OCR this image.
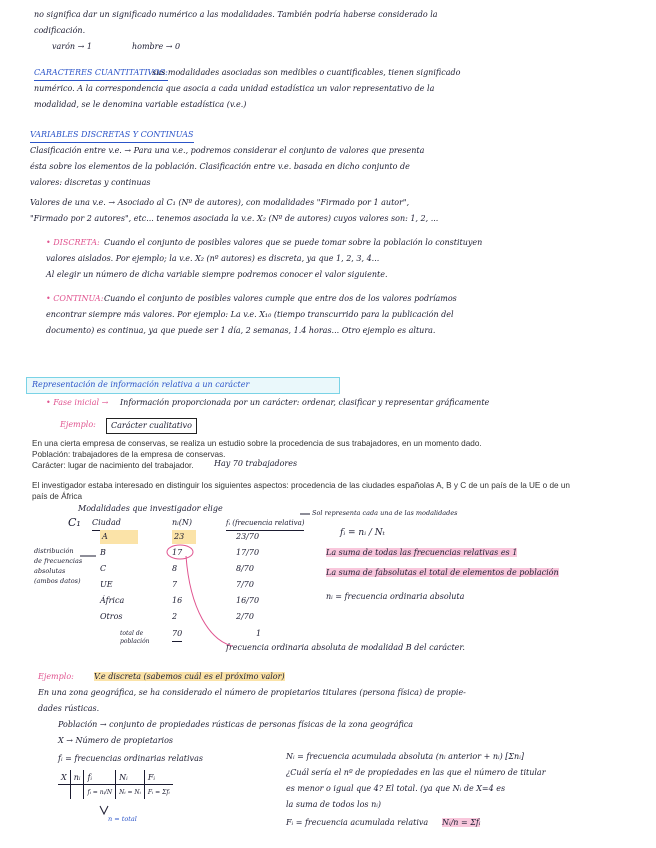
no significa dar un significado numérico a las modalidades. También podría haberse considerado la
codificación.
varón → 1	hombre → 0
CARACTERES CUANTITATIVOS:
sus modalidades asociadas son medibles o cuantificables, tienen significado
numérico. A la correspondencia que asocia a cada unidad estadística un valor representativo de la
modalidad, se le denomina variable estadística (v.e.)
VARIABLES DISCRETAS Y CONTINUAS
Clasificación entre v.e. → Para una v.e., podremos considerar el conjunto de valores que presenta
ésta sobre los elementos de la población. Clasificación entre v.e. basada en dicho conjunto de
valores: discretas y continuas
Valores de una v.e. → Asociado al C₁ (Nº de autores), con modalidades "Firmado por 1 autor",
"Firmado por 2 autores", etc... tenemos asociada la v.e. X₂ (Nº de autores) cuyos valores son: 1, 2, ...
• DISCRETA: Cuando el conjunto de posibles valores que se puede tomar sobre la población lo constituyen
valores aislados. Por ejemplo; la v.e. X₂ (nº autores) es discreta, ya que 1, 2, 3, 4...
Al elegir un número de dicha variable siempre podremos conocer el valor siguiente.
• CONTINUA: Cuando el conjunto de posibles valores cumple que entre dos de los valores podríamos
encontrar siempre más valores. Por ejemplo: La v.e. X₁₀ (tiempo transcurrido para la publicación del
documento) es continua, ya que puede ser 1 día, 2 semanas, 1.4 horas... Otro ejemplo es altura.
Representación de información relativa a un carácter
• Fase inicial → Información proporcionada por un carácter: ordenar, clasificar y representar gráficamente
Ejemplo:	Carácter cualitativo
En una cierta empresa de conservas, se realiza un estudio sobre la procedencia de sus trabajadores, en un momento dado.
Población: trabajadores de la empresa de conservas.
Carácter: lugar de nacimiento del trabajador.	Hay 70 trabajadores
El investigador estaba interesado en distinguir los siguientes aspectos: procedencia de las ciudades españolas A, B y C de un país de la UE o de un
país de África
Modalidades que investigador elige
C₁
Sol representa cada una de las modalidades
Ciudad	nᵢ(N)	fᵢ (frecuencia relativa)
A	23	23/70
B	17	17/70
C	8	8/70
UE	7	7/70
África	16	16/70
Otros	2	2/70
distribución
de frecuencias
absolutas
(ambos datos)
fᵢ = nᵢ / Nₜ
La suma de todas las frecuencias relativas es 1
La suma de fabsolutas el total de elementos de población
nᵢ = frecuencia ordinaria absoluta
70	1
total de población
frecuencia ordinaria absoluta de modalidad B del carácter.
Ejemplo:	V.e discreta (sabemos cuál es el próximo valor)
En una zona geográfica, se ha considerado el número de propietarios titulares (persona física) de propie-
dades rústicas.
Población → conjunto de propiedades rústicas de personas físicas de la zona geográfica
X → Número de propietarios
fᵢ = frecuencias ordinarias relativas
X	nᵢ	fᵢ	Nᵢ	Fᵢ
		fᵢ = nᵢ/N	Nᵢ = Nᵢ	Fᵢ = Σfᵢ
n = total
Nᵢ = frecuencia acumulada absoluta (nᵢ anterior + nᵢ) [Σnᵢ]
¿Cuál sería el nº de propiedades en las que el número de titular
es menor o igual que 4? El total. (ya que Nᵢ de X=4 es
la suma de todos los nᵢ)
Fᵢ = frecuencia acumulada relativa Nᵢ/n = Σfᵢ
